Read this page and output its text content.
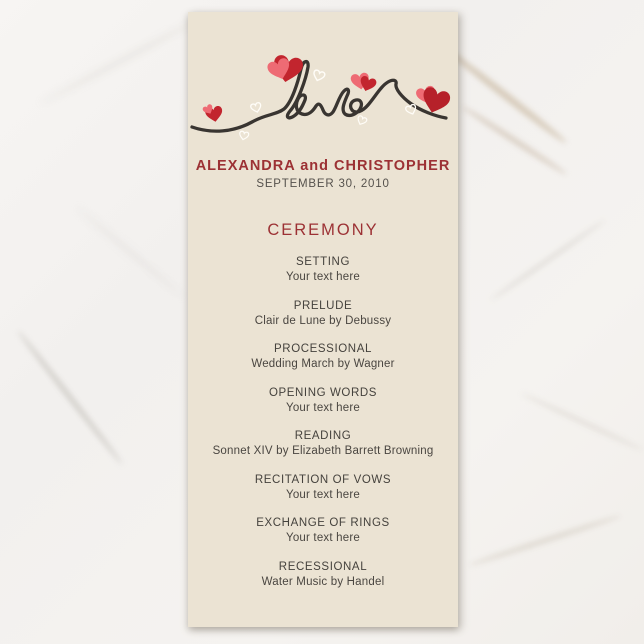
ALEXANDRA and CHRISTOPHER
SEPTEMBER 30, 2010
CEREMONY
SETTING
Your text here
PRELUDE
Clair de Lune by Debussy
PROCESSIONAL
Wedding March by Wagner
OPENING WORDS
Your text here
READING
Sonnet XIV by Elizabeth Barrett Browning
RECITATION OF VOWS
Your text here
EXCHANGE OF RINGS
Your text here
RECESSIONAL
Water Music by Handel
